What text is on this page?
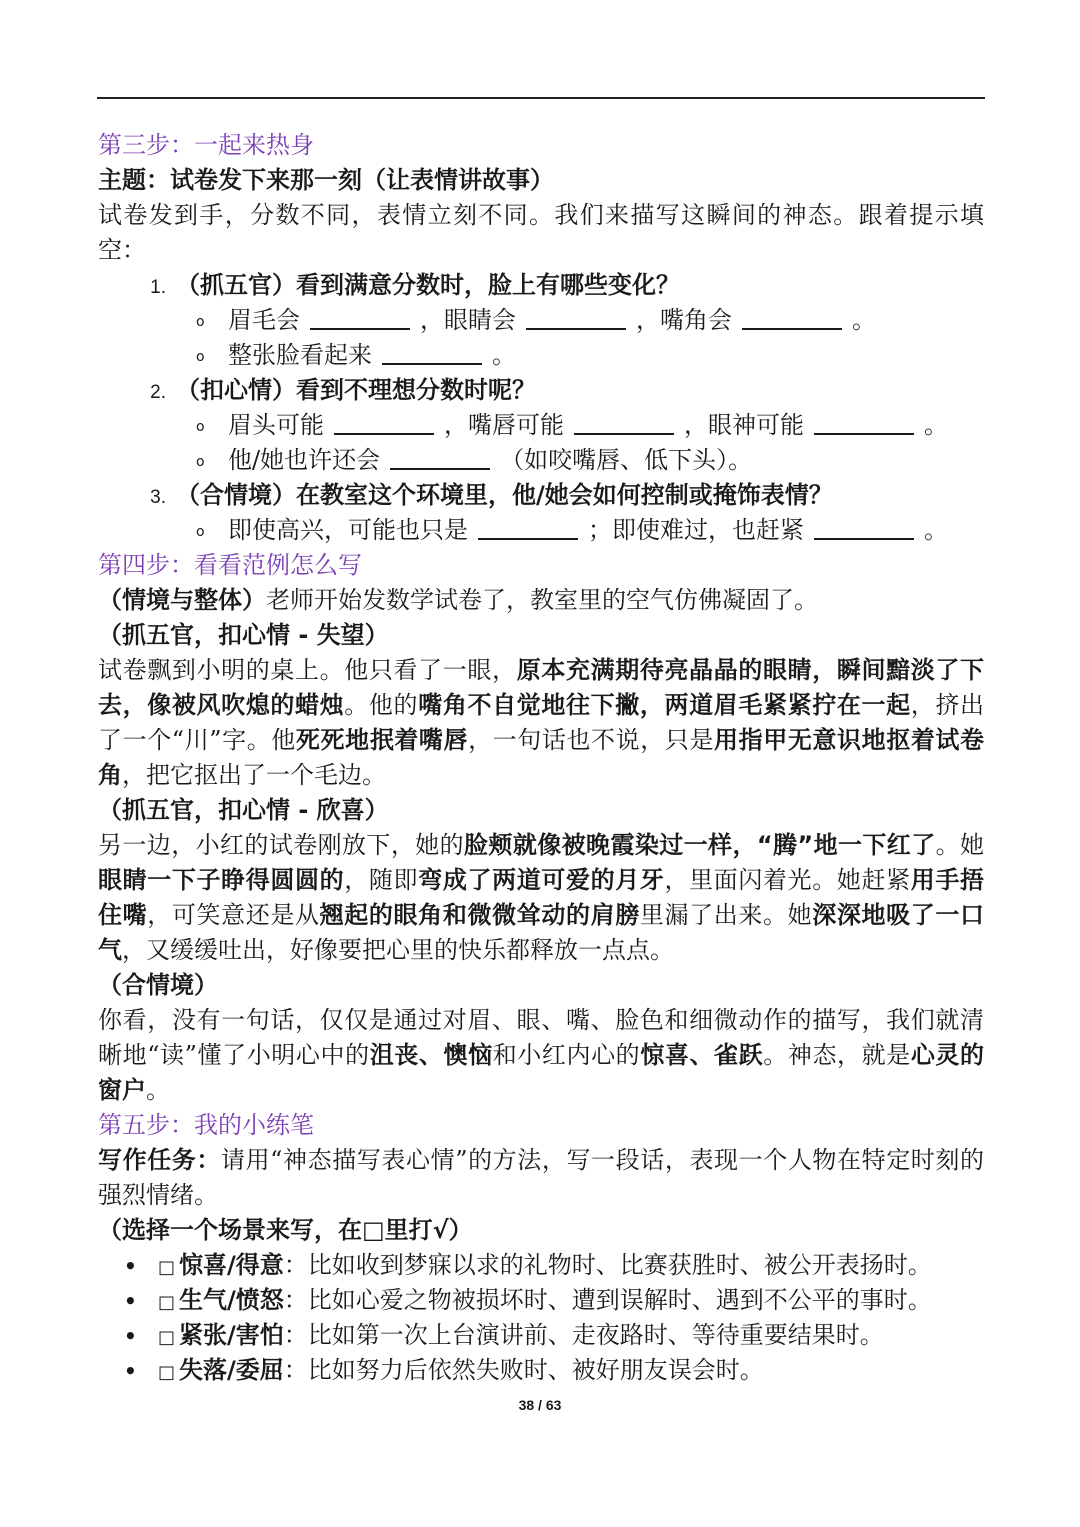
第三步：一起来热身
主题：试卷发下来那一刻（让表情讲故事）
试卷发到手，分数不同，表情立刻不同。我们来描写这瞬间的神态。跟着提示填空：
1. （抓五官）看到满意分数时，脸上有哪些变化？
o 眉毛会	，眼睛会	，嘴角会	。
o 整张脸看起来	。
2. （扣心情）看到不理想分数时呢？
o 眉头可能	，嘴唇可能	，眼神可能	。
o 他/她也许还会	（如咬嘴唇、低下头）。
3. （合情境）在教室这个环境里，他/她会如何控制或掩饰表情？
o 即使高兴，可能也只是	；即使难过，也赶紧	。
第四步：看看范例怎么写
（情境与整体）老师开始发数学试卷了，教室里的空气仿佛凝固了。
（抓五官，扣心情 - 失望）
试卷飘到小明的桌上。他只看了一眼，原本充满期待亮晶晶的眼睛，瞬间黯淡了下去，像被风吹熄的蜡烛。他的嘴角不自觉地往下撇，两道眉毛紧紧拧在一起，挤出了一个“川”字。他死死地抿着嘴唇，一句话也不说，只是用指甲无意识地抠着试卷角，把它抠出了一个毛边。
（抓五官，扣心情 - 欣喜）
另一边，小红的试卷刚放下，她的脸颊就像被晚霞染过一样，“腾”地一下红了。她眼睛一下子睁得圆圆的，随即弯成了两道可爱的月牙，里面闪着光。她赶紧用手捂住嘴，可笑意还是从翘起的眼角和微微耸动的肩膀里漏了出来。她深深地吸了一口气，又缓缓吐出，好像要把心里的快乐都释放一点点。
（合情境）
你看，没有一句话，仅仅是通过对眉、眼、嘴、脸色和细微动作的描写，我们就清晰地“读”懂了小明心中的沮丧、懊恼和小红内心的惊喜、雀跃。神态，就是心灵的窗户。
第五步：我的小练笔
写作任务：请用“神态描写表心情”的方法，写一段话，表现一个人物在特定时刻的强烈情绪。
（选择一个场景来写，在□里打√）
• □ 惊喜/得意：比如收到梦寐以求的礼物时、比赛获胜时、被公开表扬时。
• □ 生气/愤怒：比如心爱之物被损坏时、遭到误解时、遇到不公平的事时。
• □ 紧张/害怕：比如第一次上台演讲前、走夜路时、等待重要结果时。
• □ 失落/委屈：比如努力后依然失败时、被好朋友误会时。
38 / 63
